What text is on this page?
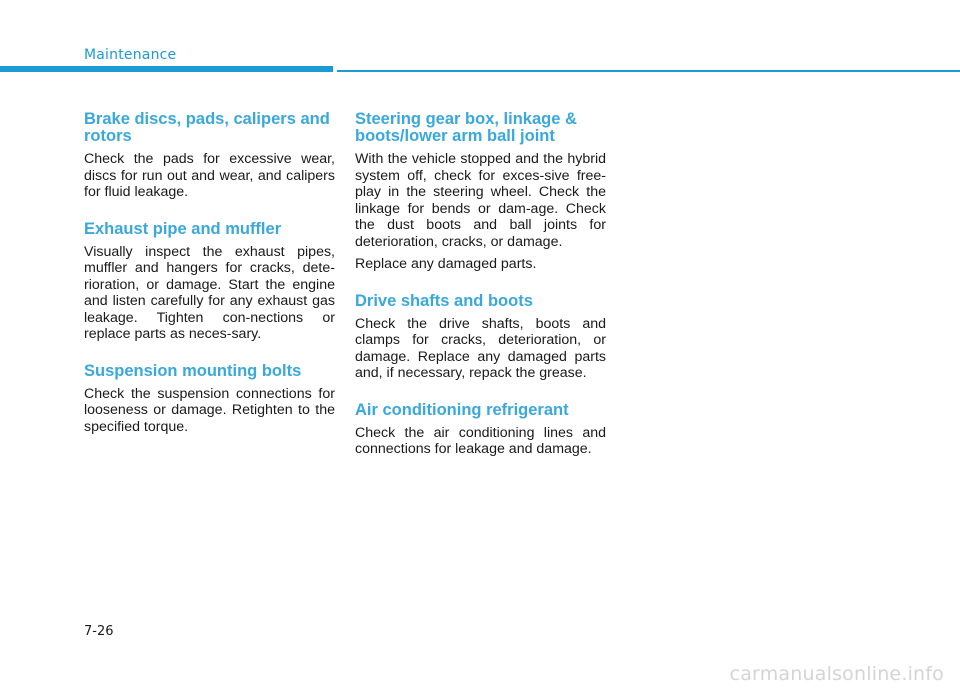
Maintenance
Brake discs, pads, calipers and rotors

Check the pads for excessive wear, discs for run out and wear, and calipers for fluid leakage.

Exhaust pipe and muffler

Visually inspect the exhaust pipes, muffler and hangers for cracks, dete-rioration, or damage. Start the engine and listen carefully for any exhaust gas leakage. Tighten con-nections or replace parts as neces-sary.

Suspension mounting bolts

Check the suspension connections for looseness or damage. Retighten to the specified torque.

Steering gear box, linkage & boots/lower arm ball joint

With the vehicle stopped and the hybrid system off, check for exces-sive free-play in the steering wheel. Check the linkage for bends or dam-age. Check the dust boots and ball joints for deterioration, cracks, or damage.

Replace any damaged parts.

Drive shafts and boots

Check the drive shafts, boots and clamps for cracks, deterioration, or damage. Replace any damaged parts and, if necessary, repack the grease.

Air conditioning refrigerant

Check the air conditioning lines and connections for leakage and damage.

7-26
carmanualsonline.info
